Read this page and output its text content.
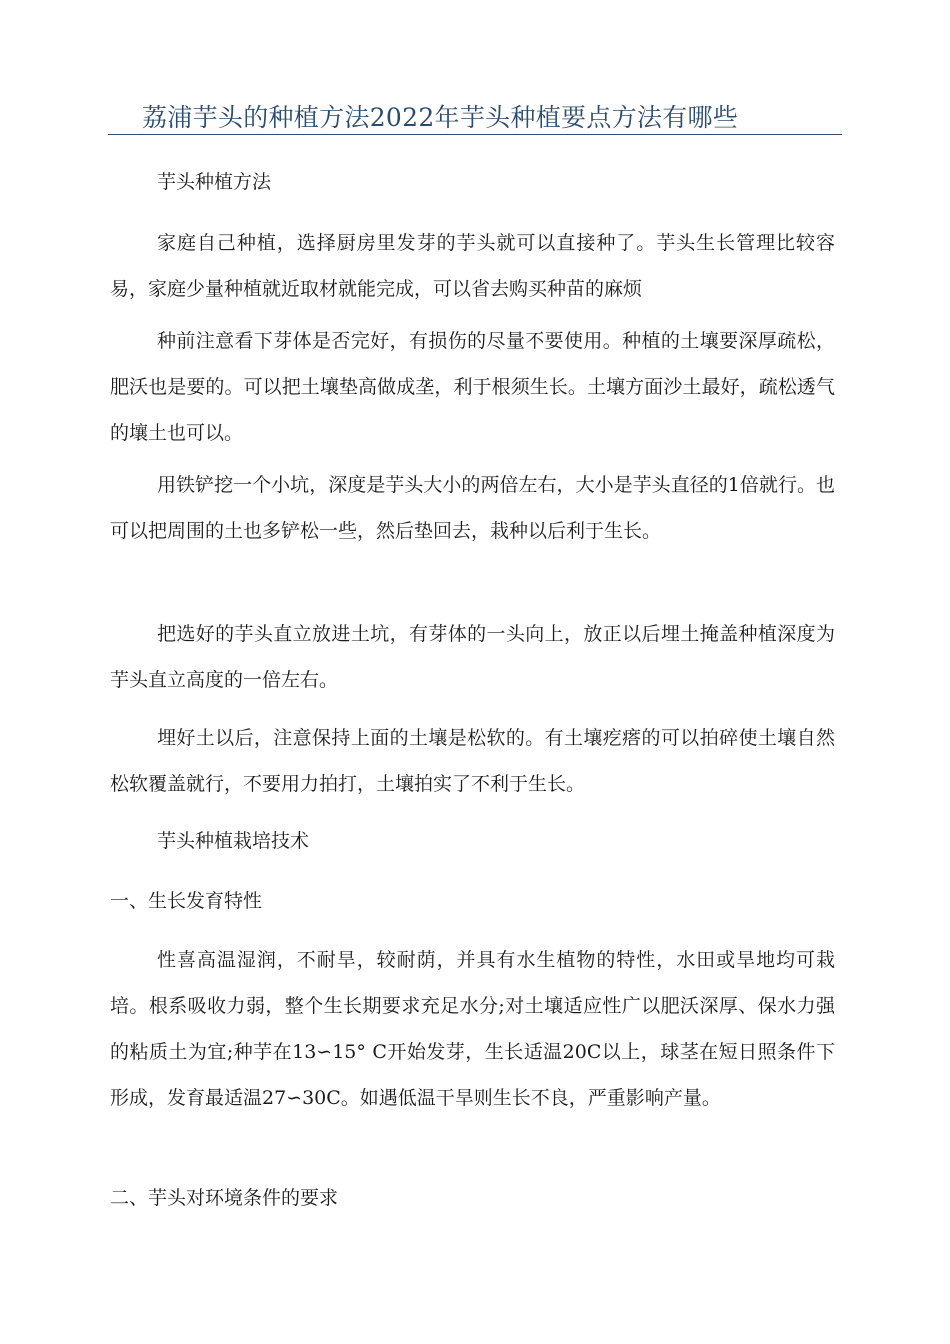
荔浦芋头的种植方法2022年芋头种植要点方法有哪些

芋头种植方法

家庭自己种植，选择厨房里发芽的芋头就可以直接种了。芋头生长管理比较容易，家庭少量种植就近取材就能完成，可以省去购买种苗的麻烦

种前注意看下芽体是否完好，有损伤的尽量不要使用。种植的土壤要深厚疏松，肥沃也是要的。可以把土壤垫高做成垄，利于根须生长。土壤方面沙土最好，疏松透气的壤土也可以。

用铁铲挖一个小坑，深度是芋头大小的两倍左右，大小是芋头直径的1倍就行。也可以把周围的土也多铲松一些，然后垫回去，栽种以后利于生长。

把选好的芋头直立放进土坑，有芽体的一头向上，放正以后埋土掩盖种植深度为芋头直立高度的一倍左右。

埋好土以后，注意保持上面的土壤是松软的。有土壤疙瘩的可以拍碎使土壤自然松软覆盖就行，不要用力拍打，土壤拍实了不利于生长。

芋头种植栽培技术

一、生长发育特性

性喜高温湿润，不耐旱，较耐荫，并具有水生植物的特性，水田或旱地均可栽培。根系吸收力弱，整个生长期要求充足水分;对土壤适应性广以肥沃深厚、保水力强的粘质土为宜;种芋在13∽15° C开始发芽，生长适温20C以上，球茎在短日照条件下形成，发育最适温27∽30C。如遇低温干旱则生长不良，严重影响产量。

二、芋头对环境条件的要求
